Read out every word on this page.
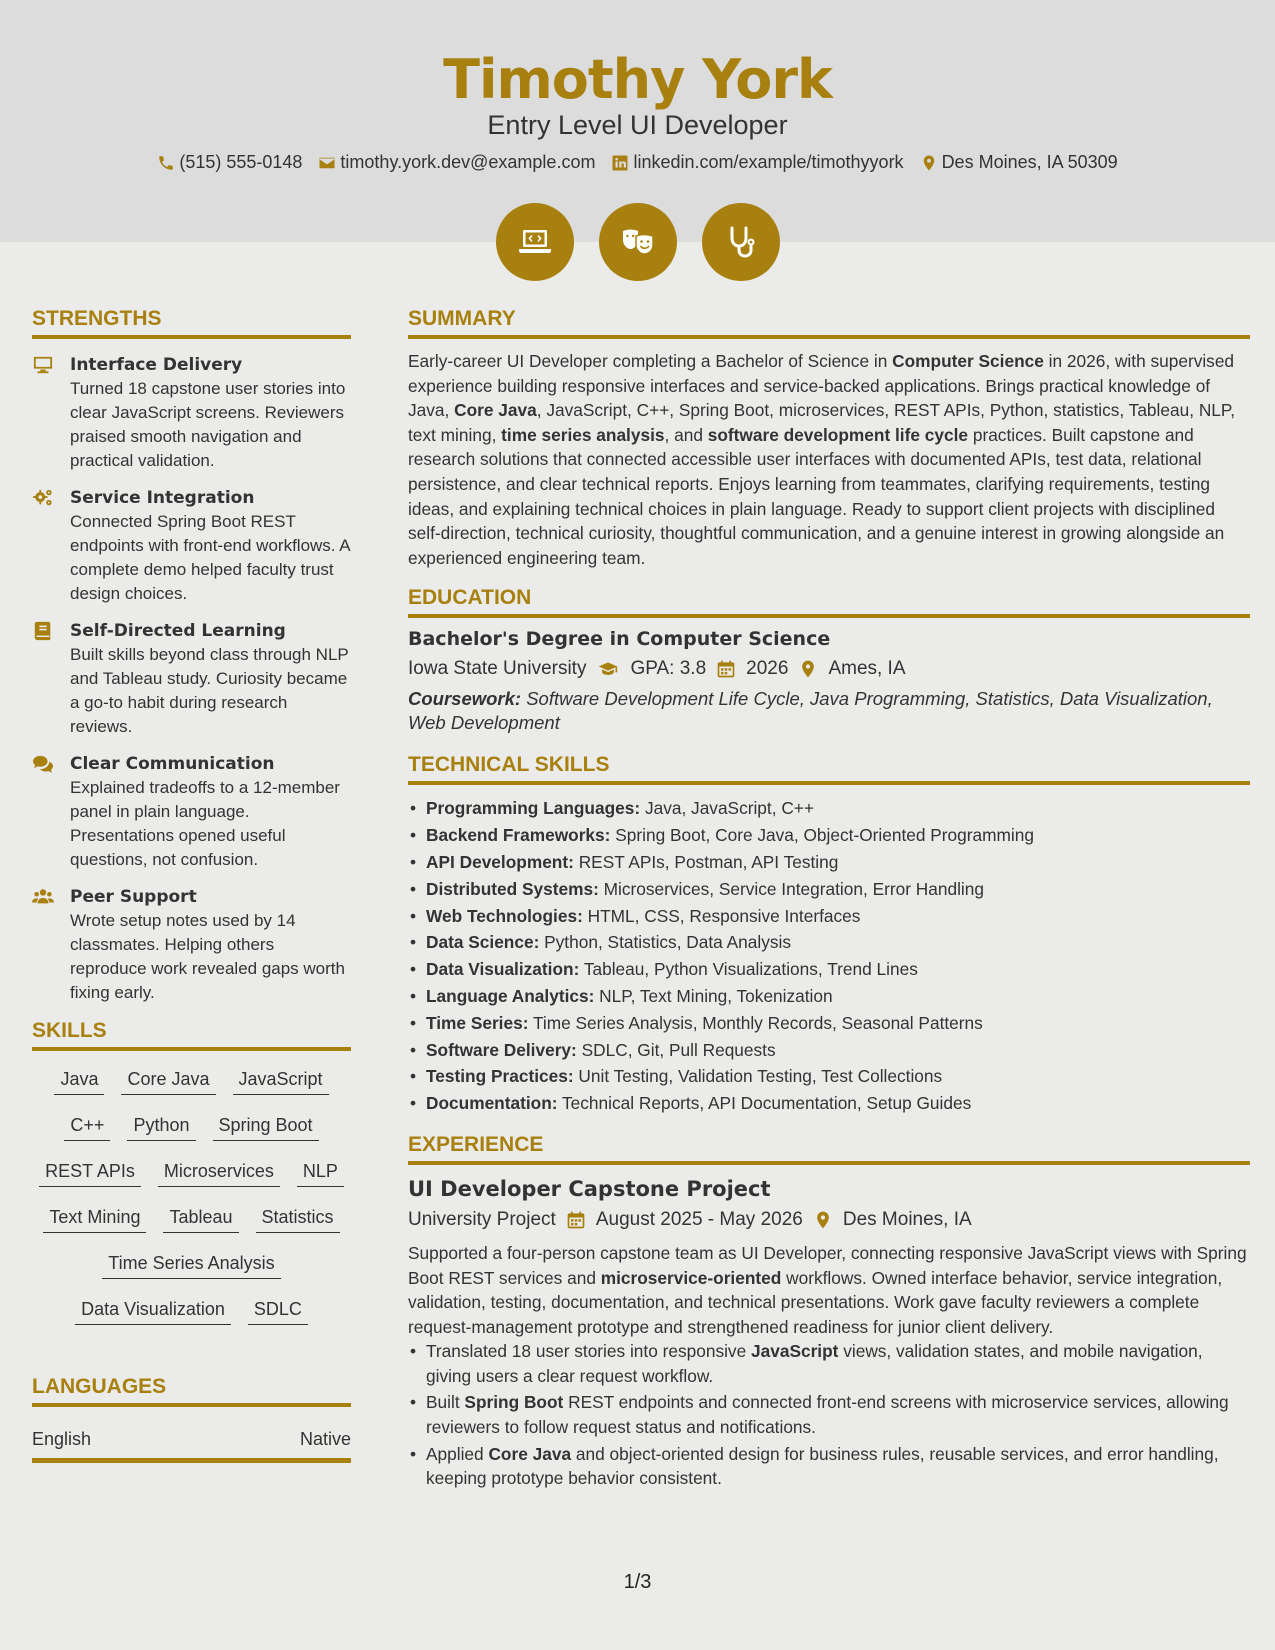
Timothy York
Entry Level UI Developer
(515) 555-0148 timothy.york.dev@example.com linkedin.com/example/timothyyork Des Moines, IA 50309
STRENGTHS
Interface Delivery
Turned 18 capstone user stories into clear JavaScript screens. Reviewers praised smooth navigation and practical validation.
Service Integration
Connected Spring Boot REST endpoints with front-end workflows. A complete demo helped faculty trust design choices.
Self-Directed Learning
Built skills beyond class through NLP and Tableau study. Curiosity became a go-to habit during research reviews.
Clear Communication
Explained tradeoffs to a 12-member panel in plain language. Presentations opened useful questions, not confusion.
Peer Support
Wrote setup notes used by 14 classmates. Helping others reproduce work revealed gaps worth fixing early.
SKILLS
Java	Core Java	JavaScript
C++	Python	Spring Boot
REST APIs	Microservices	NLP
Text Mining	Tableau	Statistics
Time Series Analysis
Data Visualization	SDLC
LANGUAGES
English	Native
SUMMARY

Early-career UI Developer completing a Bachelor of Science in Computer Science in 2026, with supervised experience building responsive interfaces and service-backed applications. Brings practical knowledge of Java, Core Java, JavaScript, C++, Spring Boot, microservices, REST APIs, Python, statistics, Tableau, NLP, text mining, time series analysis, and software development life cycle practices. Built capstone and research solutions that connected accessible user interfaces with documented APIs, test data, relational persistence, and clear technical reports. Enjoys learning from teammates, clarifying requirements, testing ideas, and explaining technical choices in plain language. Ready to support client projects with disciplined self-direction, technical curiosity, thoughtful communication, and a genuine interest in growing alongside an experienced engineering team.

EDUCATION
Bachelor's Degree in Computer Science
Iowa State University GPA: 3.8 2026 Ames, IA

Coursework: Software Development Life Cycle, Java Programming, Statistics, Data Visualization, Web Development

TECHNICAL SKILLS
• Programming Languages: Java, JavaScript, C++
• Backend Frameworks: Spring Boot, Core Java, Object-Oriented Programming
• API Development: REST APIs, Postman, API Testing
• Distributed Systems: Microservices, Service Integration, Error Handling
• Web Technologies: HTML, CSS, Responsive Interfaces
• Data Science: Python, Statistics, Data Analysis
• Data Visualization: Tableau, Python Visualizations, Trend Lines
• Language Analytics: NLP, Text Mining, Tokenization
• Time Series: Time Series Analysis, Monthly Records, Seasonal Patterns
• Software Delivery: SDLC, Git, Pull Requests
• Testing Practices: Unit Testing, Validation Testing, Test Collections
• Documentation: Technical Reports, API Documentation, Setup Guides
EXPERIENCE
UI Developer Capstone Project
University Project August 2025 - May 2026 Des Moines, IA

Supported a four-person capstone team as UI Developer, connecting responsive JavaScript views with Spring Boot REST services and microservice-oriented workflows. Owned interface behavior, service integration, validation, testing, documentation, and technical presentations. Work gave faculty reviewers a complete request-management prototype and strengthened readiness for junior client delivery.

• Translated 18 user stories into responsive JavaScript views, validation states, and mobile navigation, giving users a clear request workflow.
• Built Spring Boot REST endpoints and connected front-end screens with microservice services, allowing reviewers to follow request status and notifications.
• Applied Core Java and object-oriented design for business rules, reusable services, and error handling, keeping prototype behavior consistent.
1/3
